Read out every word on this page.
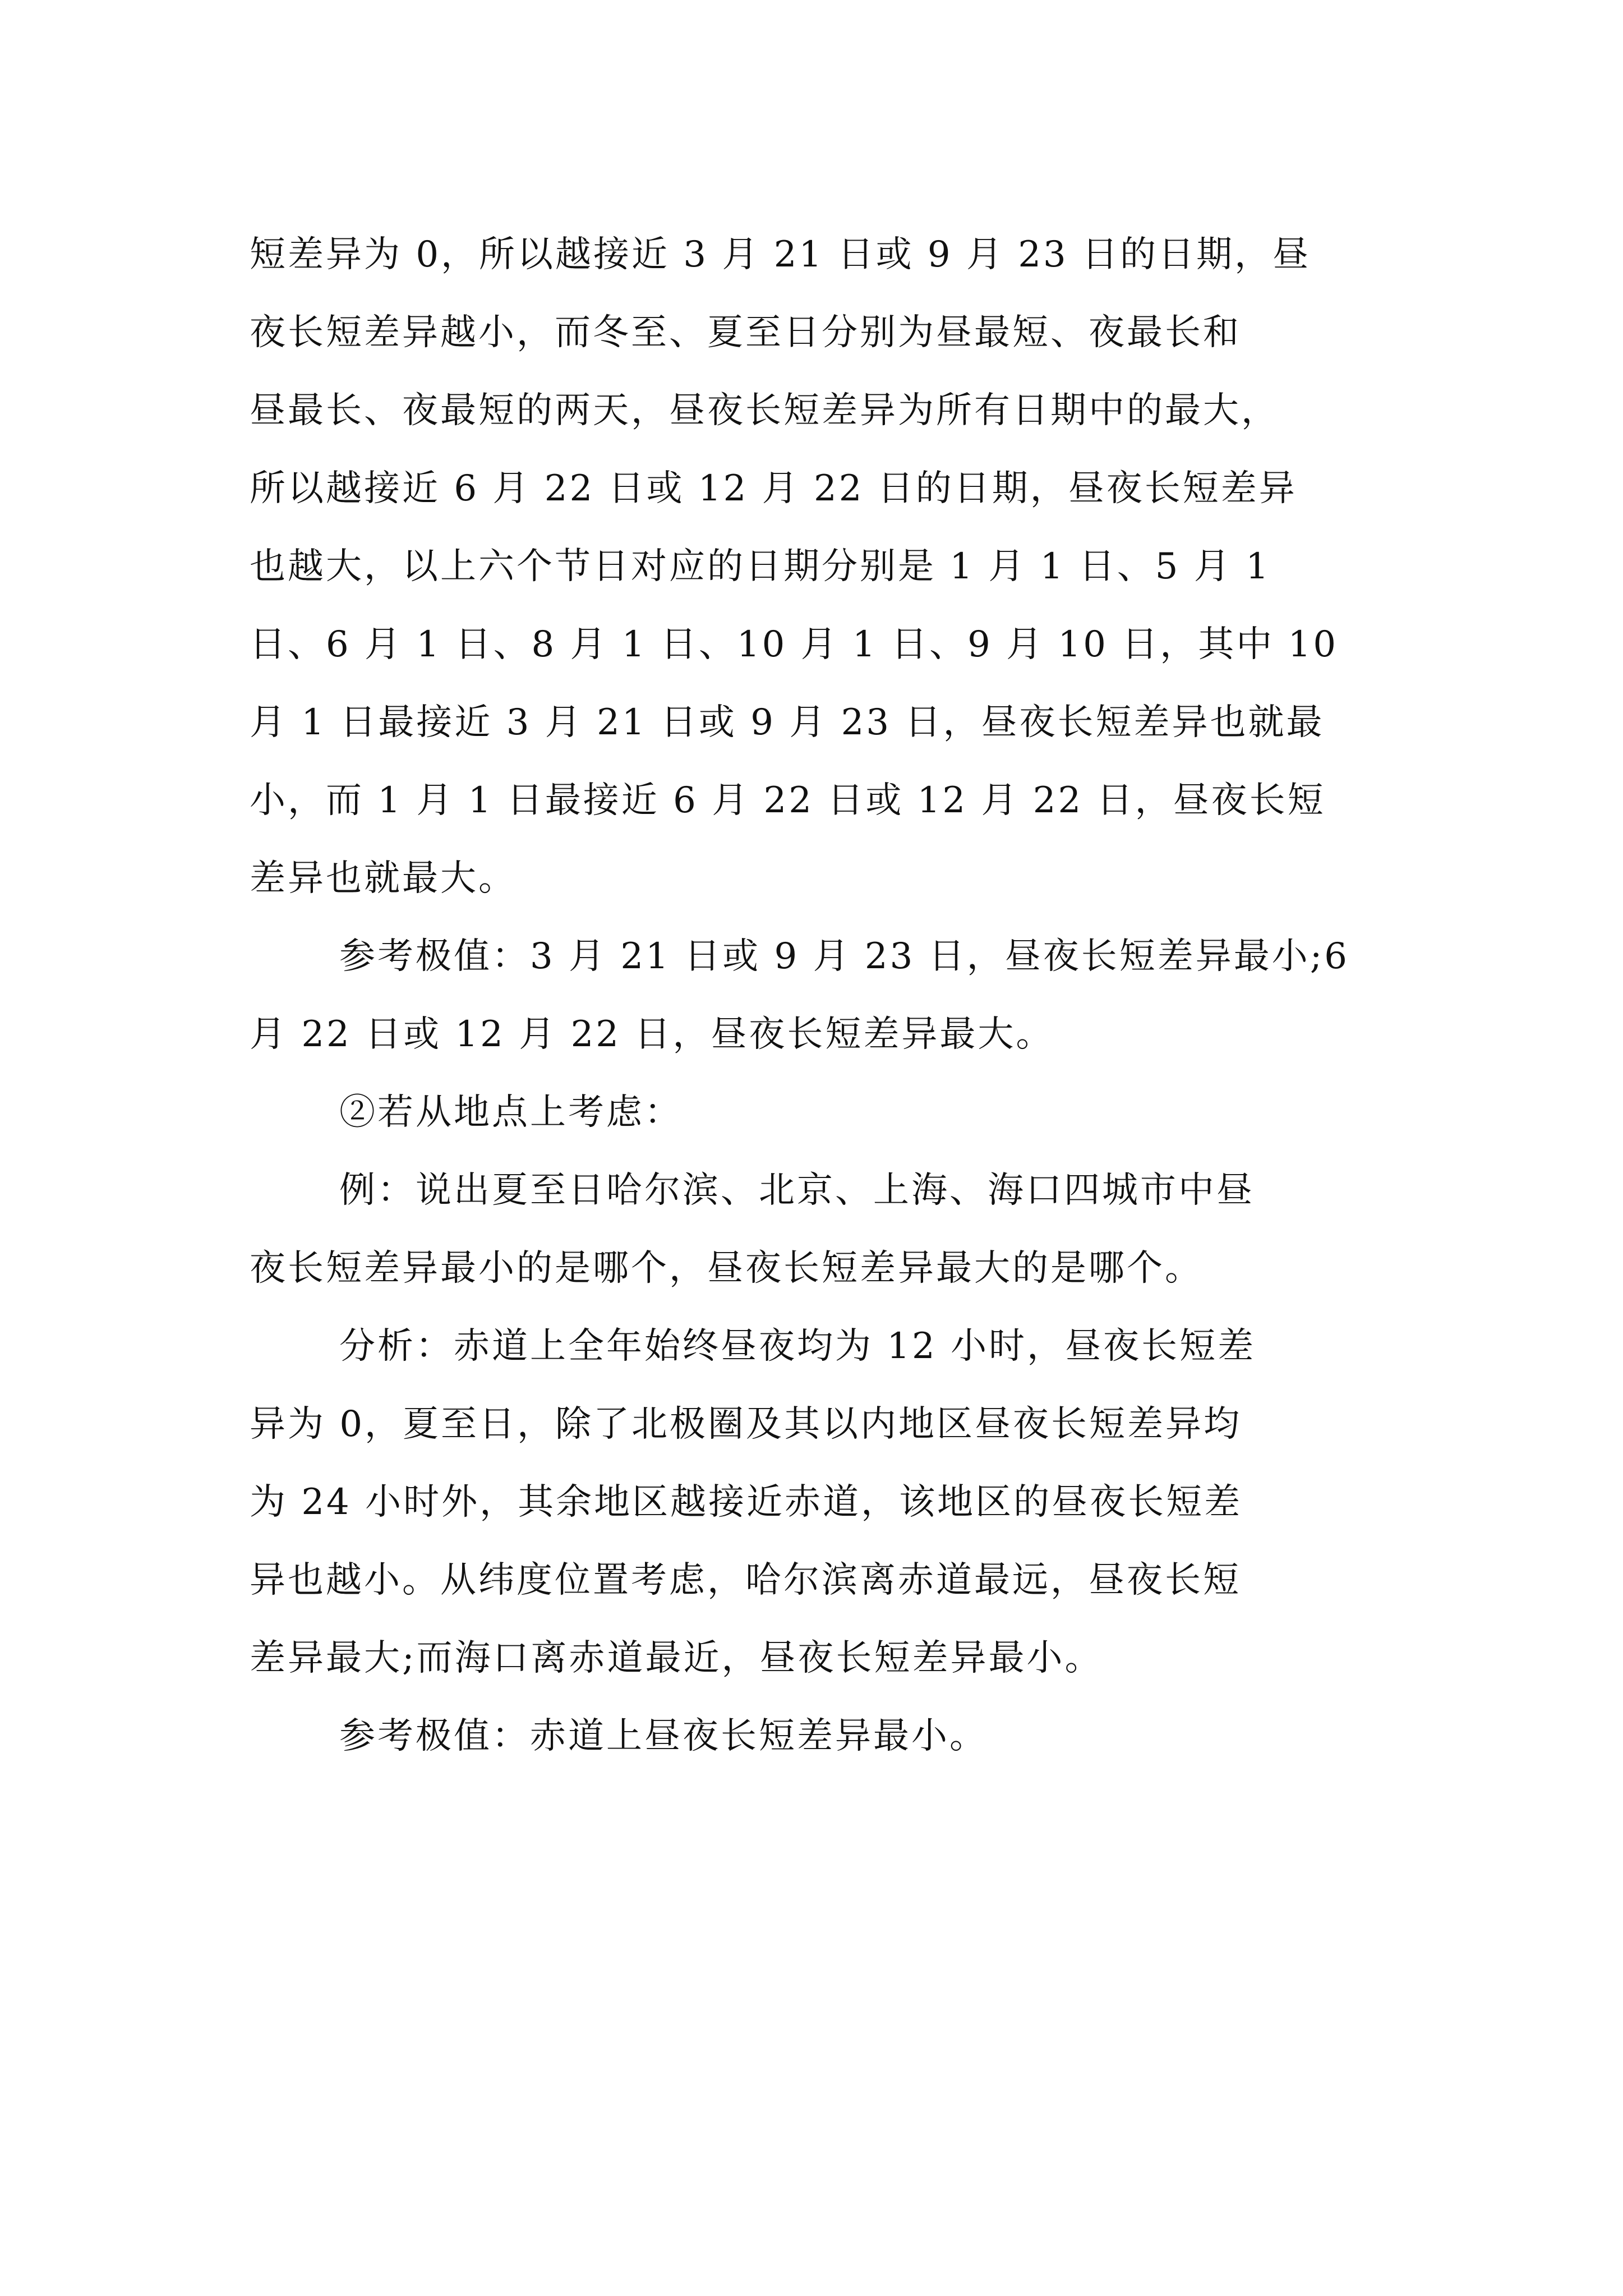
短差异为 0，所以越接近 3 月 21 日或 9 月 23 日的日期，昼
夜长短差异越小，而冬至、夏至日分别为昼最短、夜最长和
昼最长、夜最短的两天，昼夜长短差异为所有日期中的最大，
所以越接近 6 月 22 日或 12 月 22 日的日期，昼夜长短差异
也越大，以上六个节日对应的日期分别是 1 月 1 日、5 月 1
日、6 月 1 日、8 月 1 日、10 月 1 日、9 月 10 日，其中 10
月 1 日最接近 3 月 21 日或 9 月 23 日，昼夜长短差异也就最
小，而 1 月 1 日最接近 6 月 22 日或 12 月 22 日，昼夜长短
差异也就最大。
参考极值：3 月 21 日或 9 月 23 日，昼夜长短差异最小;6
月 22 日或 12 月 22 日，昼夜长短差异最大。
②若从地点上考虑：
例：说出夏至日哈尔滨、北京、上海、海口四城市中昼
夜长短差异最小的是哪个，昼夜长短差异最大的是哪个。
分析：赤道上全年始终昼夜均为 12 小时，昼夜长短差
异为 0，夏至日，除了北极圈及其以内地区昼夜长短差异均
为 24 小时外，其余地区越接近赤道，该地区的昼夜长短差
异也越小。从纬度位置考虑，哈尔滨离赤道最远，昼夜长短
差异最大;而海口离赤道最近，昼夜长短差异最小。
参考极值：赤道上昼夜长短差异最小。
